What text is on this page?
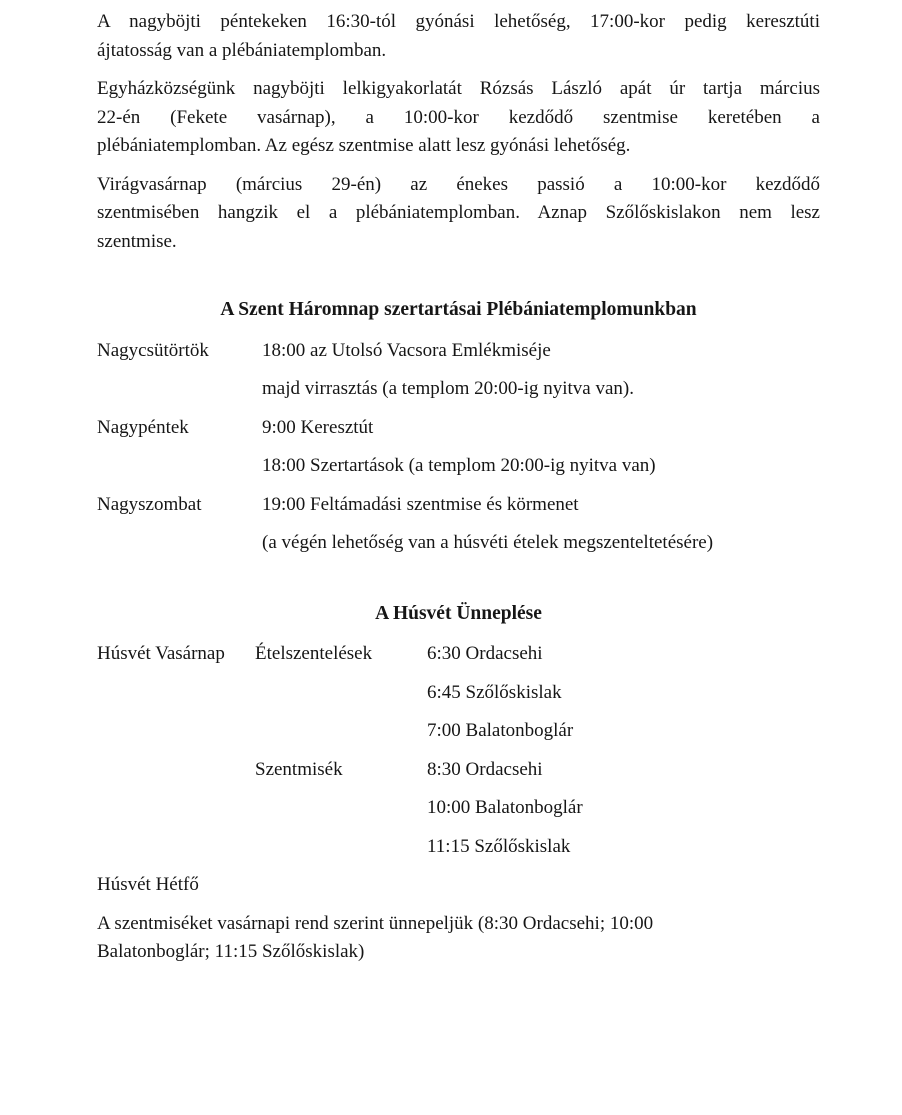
A nagyböjti péntekeken 16:30-tól gyónási lehetőség, 17:00-kor pedig keresztúti
ájtatosság van a plébániatemplomban.

Egyházközségünk nagyböjti lelkigyakorlatát Rózsás László apát úr tartja március
22-én (Fekete vasárnap), a 10:00-kor kezdődő szentmise keretében a
plébániatemplomban. Az egész szentmise alatt lesz gyónási lehetőség.

Virágvasárnap (március 29-én) az énekes passió a 10:00-kor kezdődő
szentmisében hangzik el a plébániatemplomban. Aznap Szőlőskislakon nem lesz
szentmise.

A Szent Háromnap szertartásai Plébániatemplomunkban
Nagycsütörtök	18:00 az Utolsó Vacsora Emlékmiséje
majd virrasztás (a templom 20:00-ig nyitva van).
Nagypéntek	9:00 Keresztút
18:00 Szertartások (a templom 20:00-ig nyitva van)
Nagyszombat	19:00 Feltámadási szentmise és körmenet
(a végén lehetőség van a húsvéti ételek megszenteltetésére)
A Húsvét Ünneplése
Húsvét Vasárnap	Ételszentelések	6:30 Ordacsehi
6:45 Szőlőskislak
7:00 Balatonboglár
Szentmisék	8:30 Ordacsehi
10:00 Balatonboglár
11:15 Szőlőskislak
Húsvét Hétfő

A szentmiséket vasárnapi rend szerint ünnepeljük (8:30 Ordacsehi; 10:00
Balatonboglár; 11:15 Szőlőskislak)
